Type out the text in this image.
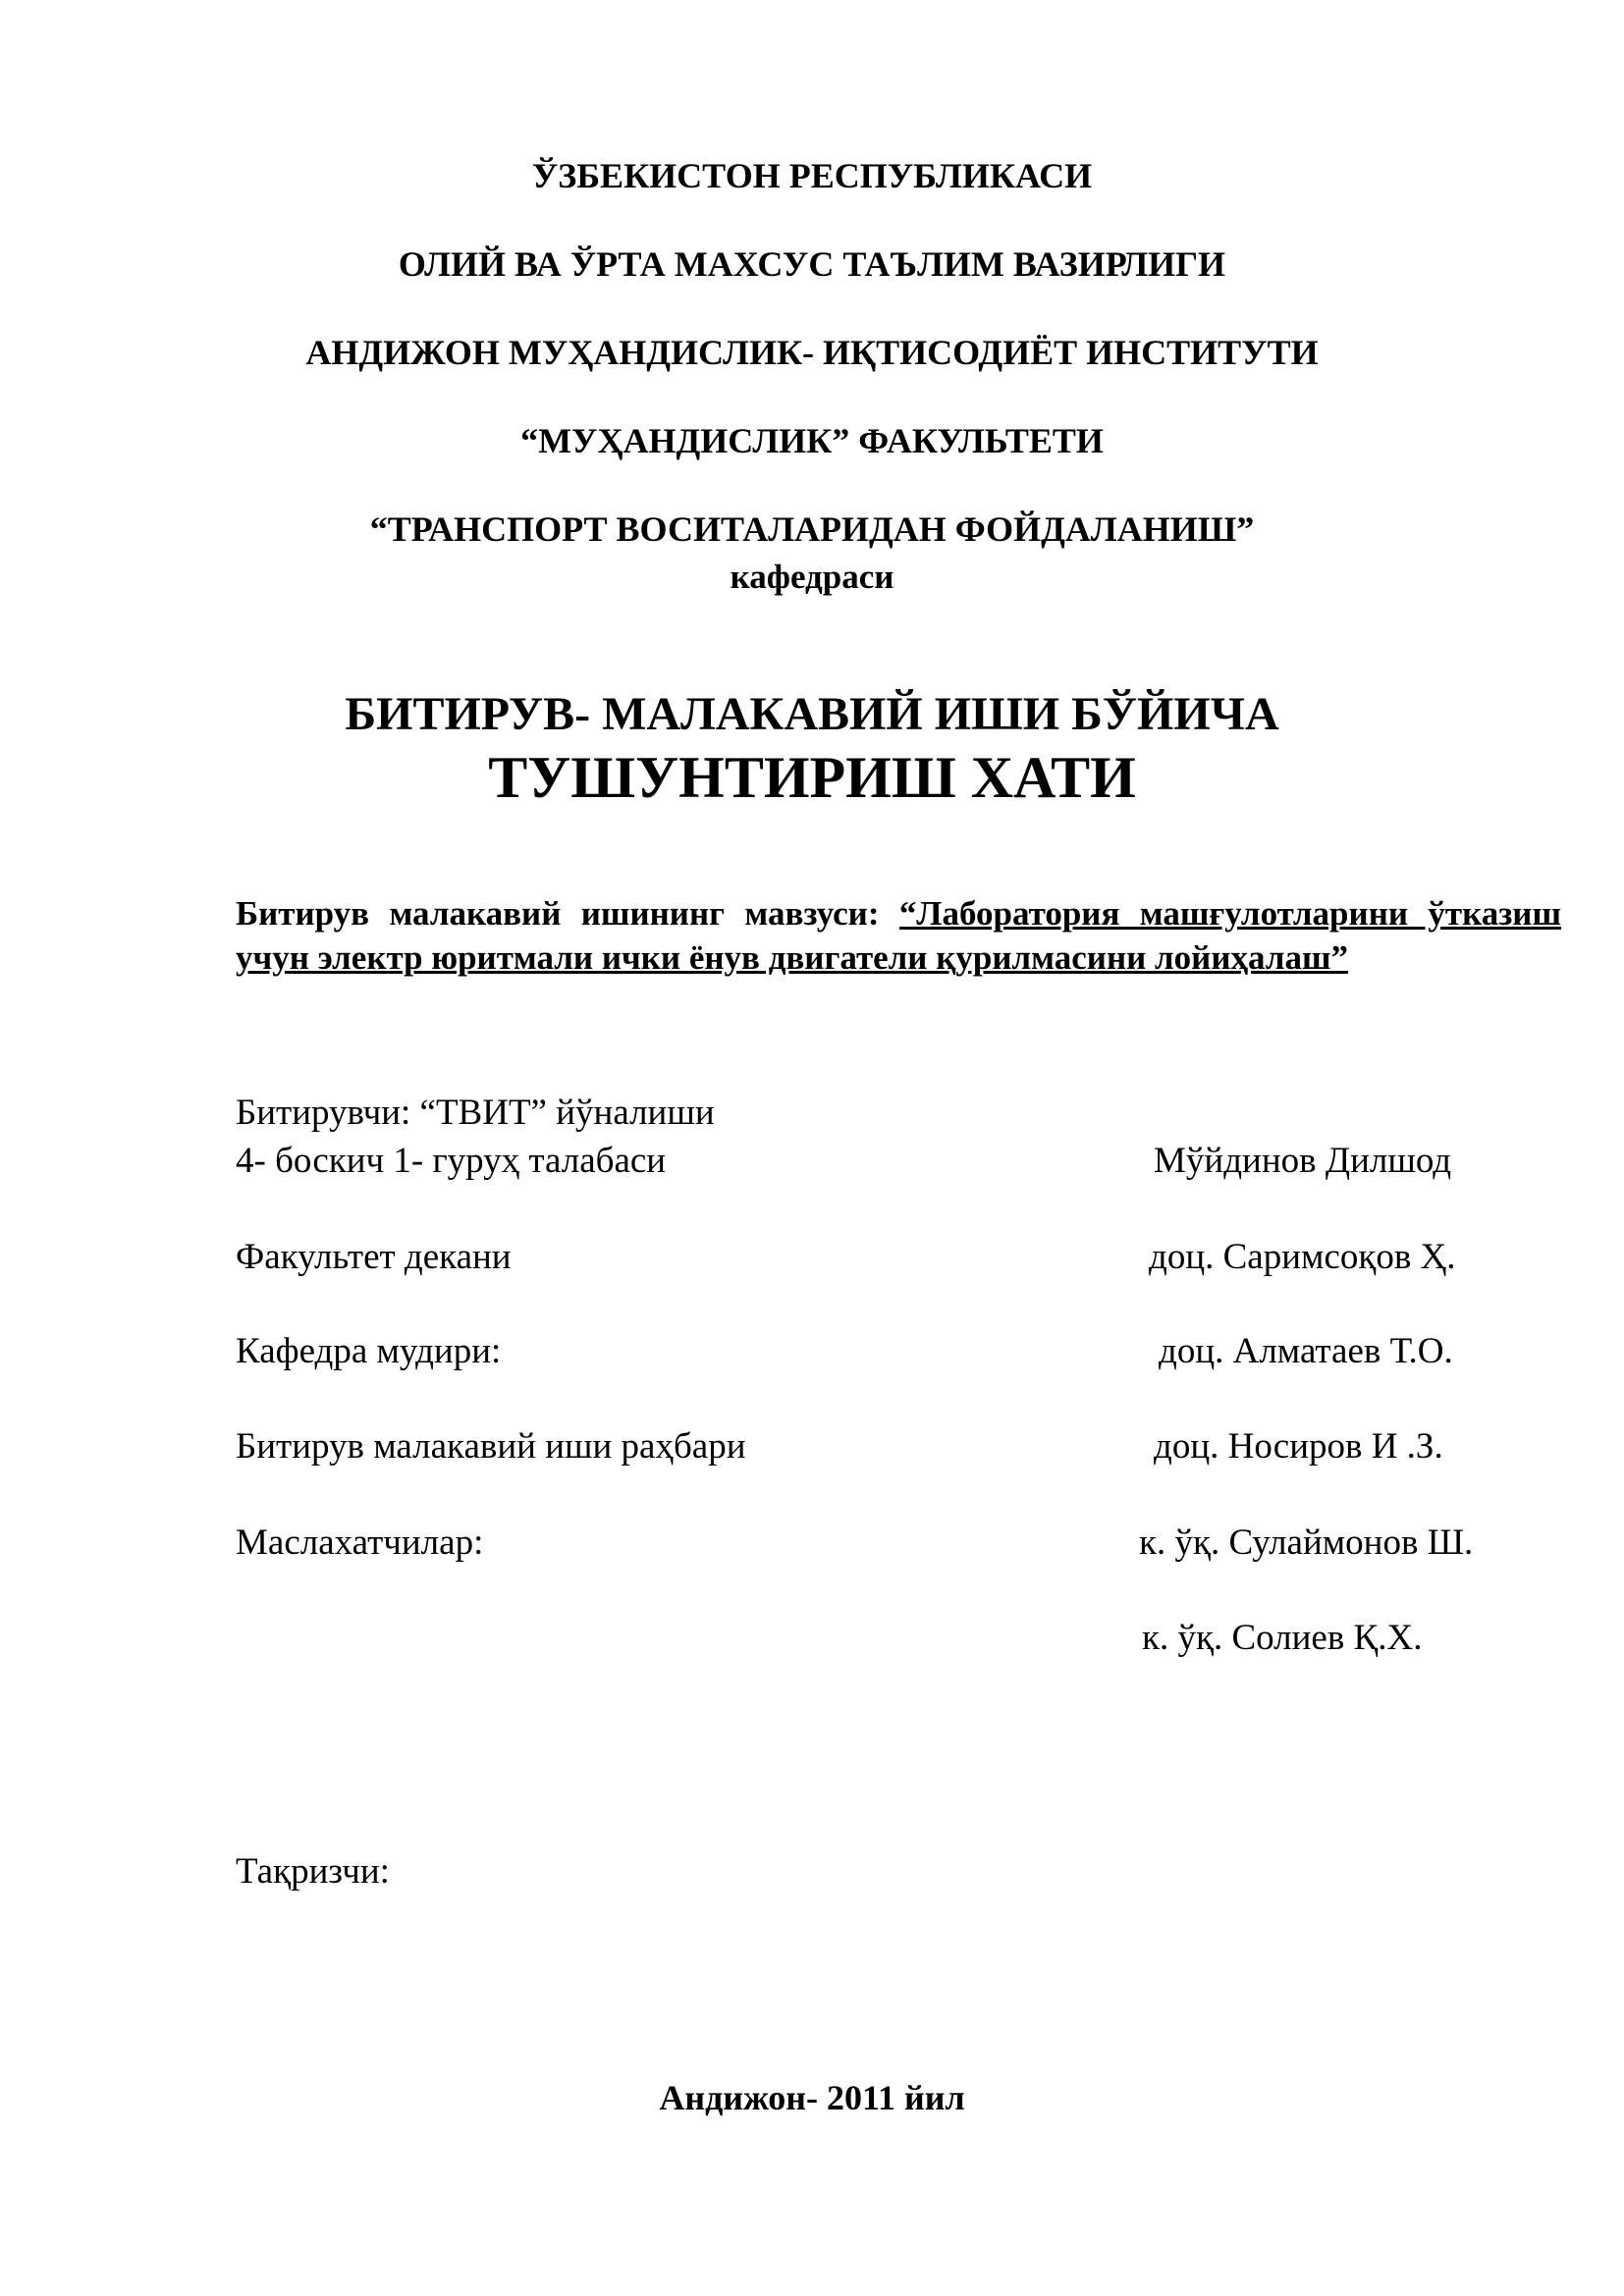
ЎЗБЕКИСТОН РЕСПУБЛИКАСИ
ОЛИЙ ВА ЎРТА МАХСУС ТАЪЛИМ ВАЗИРЛИГИ
АНДИЖОН МУҲАНДИСЛИК- ИҚТИСОДИЁТ ИНСТИТУТИ
“МУҲАНДИСЛИК” ФАКУЛЬТЕТИ
“ТРАНСПОРТ ВОСИТАЛАРИДАН ФОЙДАЛАНИШ”
кафедраси
БИТИРУВ- МАЛАКАВИЙ ИШИ БЎЙИЧА
ТУШУНТИРИШ ХАТИ
Битирув малакавий ишининг мавзуси: “Лаборатория машғулотларини ўтказиш учун электр юритмали ички ёнув двигатели қурилмасини лойиҳалаш”
Битирувчи: “ТВИТ” йўналиши
4- боскич 1- гуруҳ талабаси	Мўйдинов Дилшод
Факультет декани	доц. Саримсоқов Ҳ.
Кафедра мудири:	доц. Алматаев Т.О.
Битирув малакавий иши раҳбари	доц. Носиров И .З.
Маслахатчилар:	к. ўқ. Сулаймонов Ш.
к. ўқ. Солиев Қ.Х.
Тақризчи:
Андижон- 2011 йил
